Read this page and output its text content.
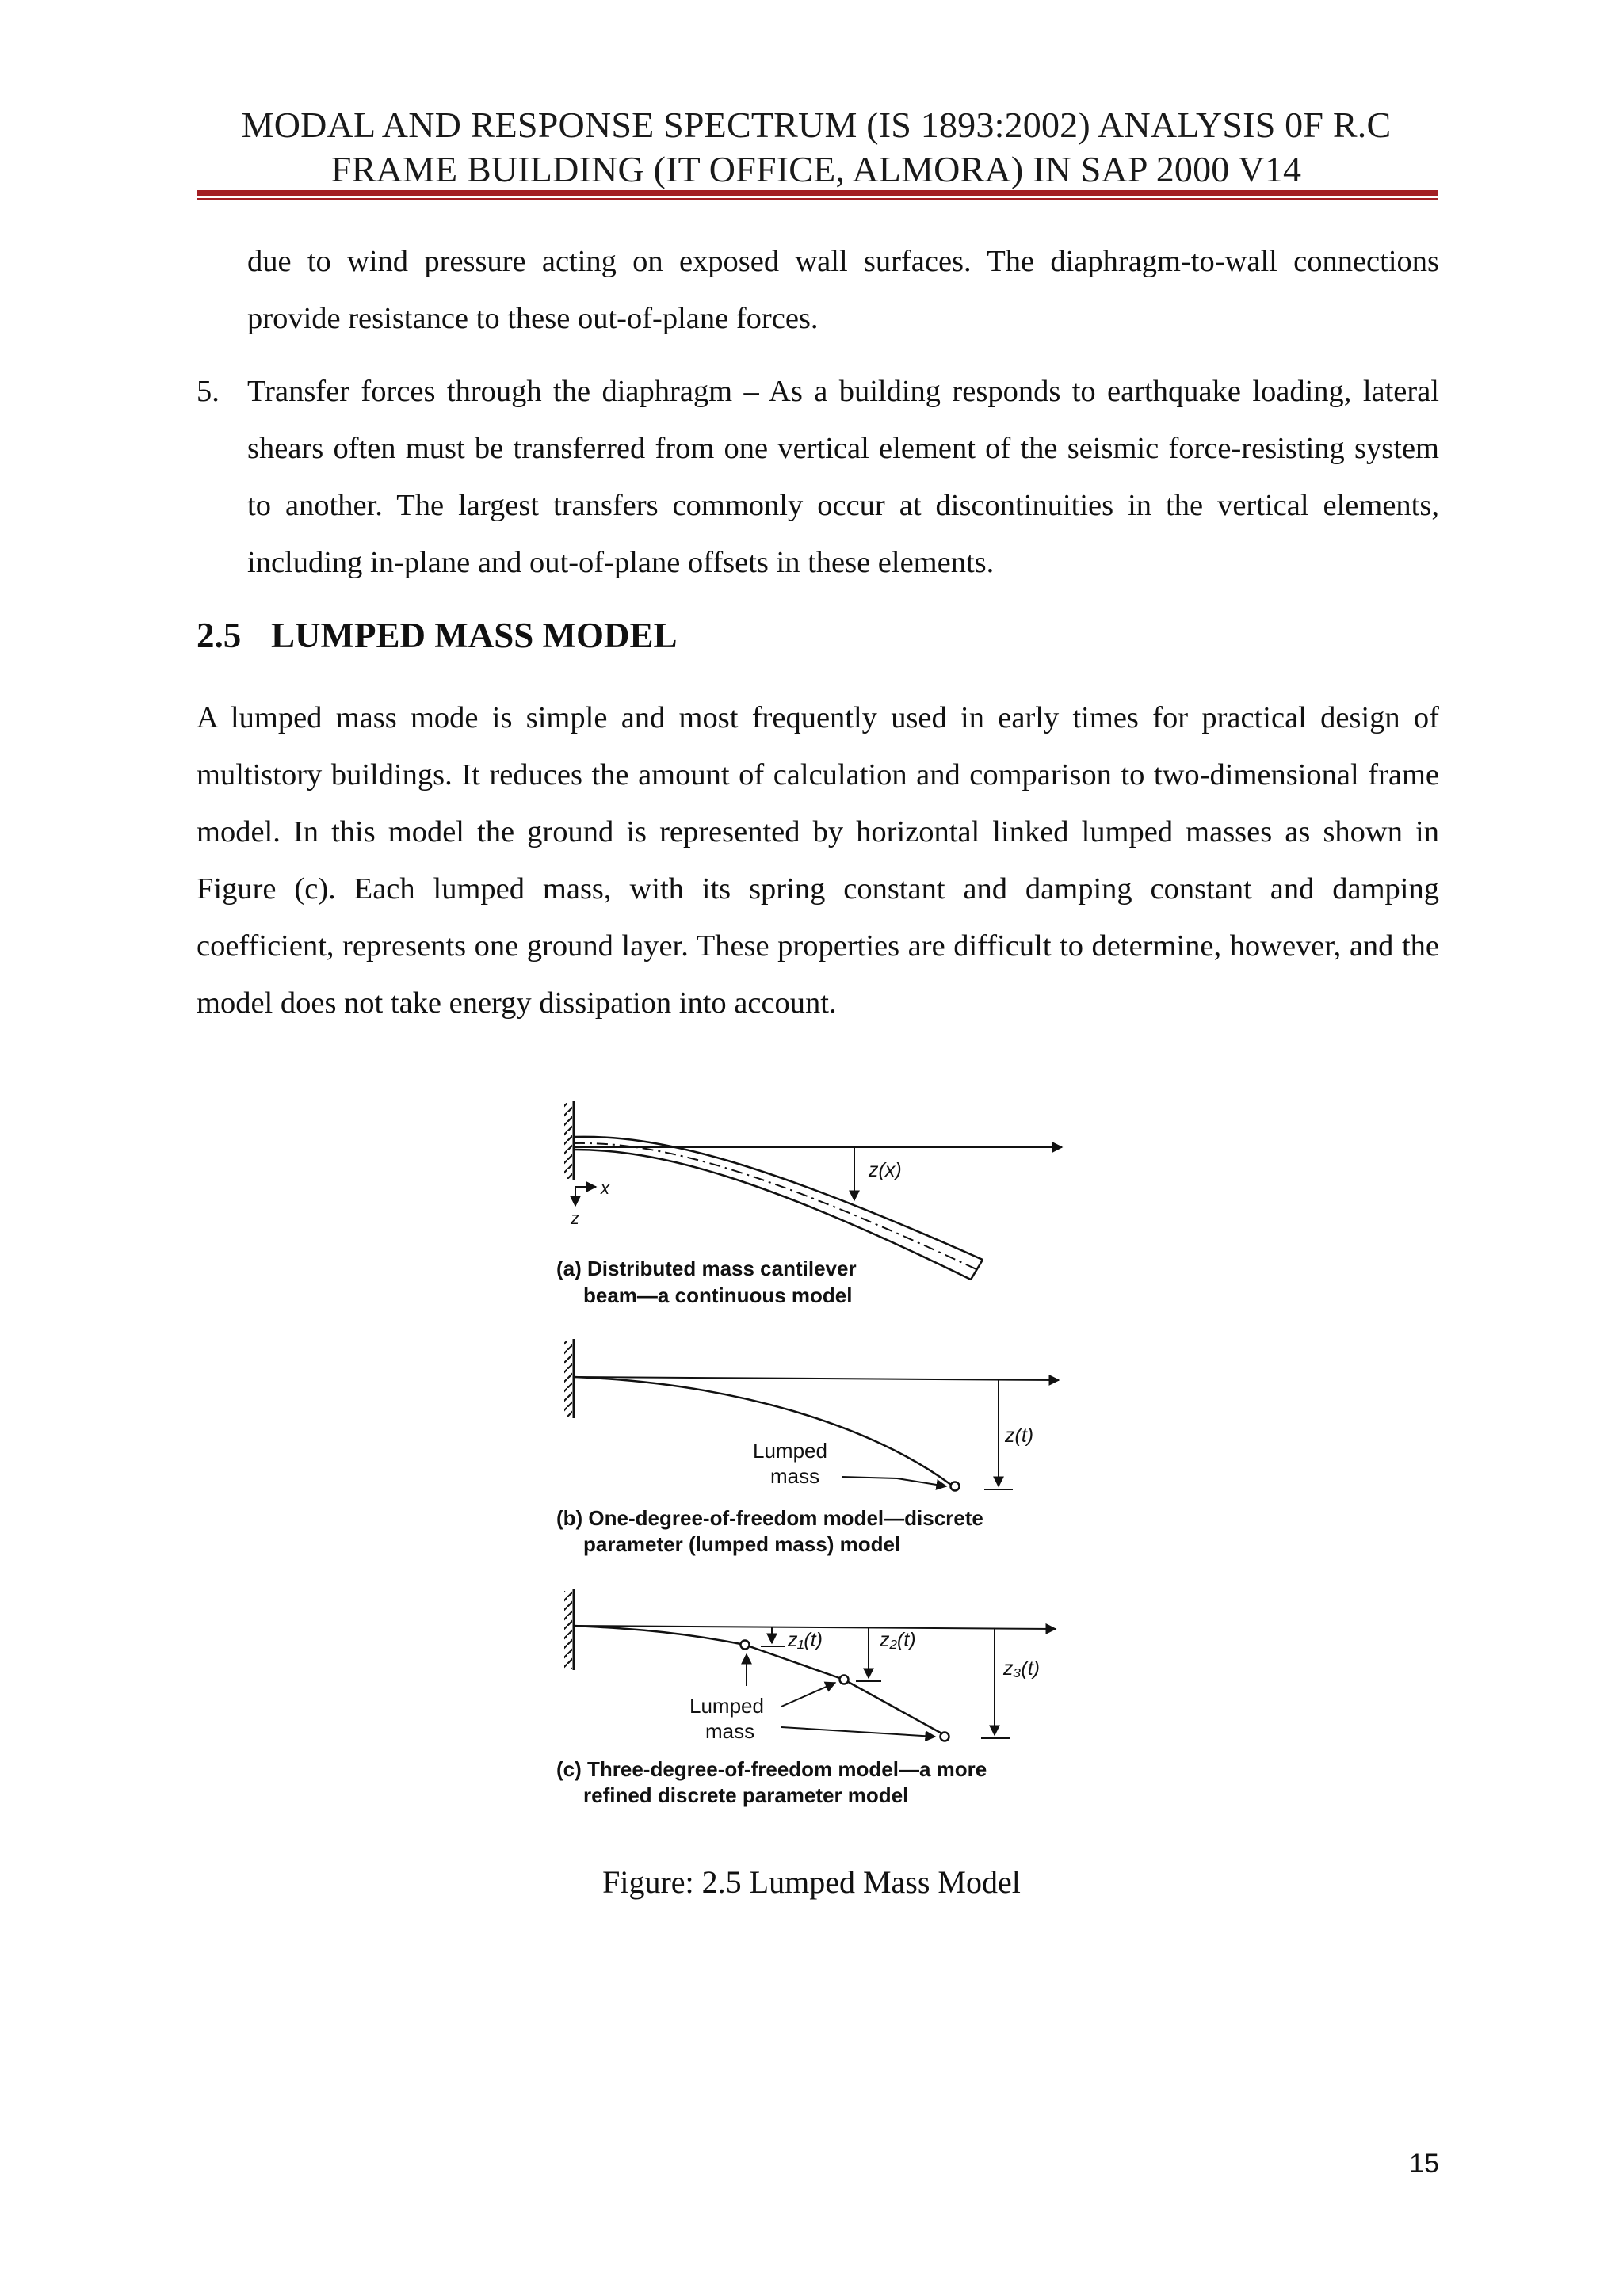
MODAL AND RESPONSE SPECTRUM (IS 1893:2002) ANALYSIS 0F R.C
FRAME BUILDING (IT OFFICE, ALMORA) IN SAP 2000 V14

due to wind pressure acting on exposed wall surfaces. The diaphragm-to-wall connections provide resistance to these out-of-plane forces.

5. Transfer forces through the diaphragm – As a building responds to earthquake loading, lateral shears often must be transferred from one vertical element of the seismic force-resisting system to another. The largest transfers commonly occur at discontinuities in the vertical elements, including in-plane and out-of-plane offsets in these elements.

2.5 LUMPED MASS MODEL

A lumped mass mode is simple and most frequently used in early times for practical design of multistory buildings. It reduces the amount of calculation and comparison to two-dimensional frame model. In this model the ground is represented by horizontal linked lumped masses as shown in Figure (c). Each lumped mass, with its spring constant and damping constant and damping coefficient, represents one ground layer. These properties are difficult to determine, however, and the model does not take energy dissipation into account.

z(x)
x
z
(a) Distributed mass cantilever
beam—a continuous model
z(t)
Lumped
mass
(b) One-degree-of-freedom model—discrete
parameter (lumped mass) model
z₁(t)	z₂(t)
z₃(t)
Lumped
mass
(c) Three-degree-of-freedom model—a more
refined discrete parameter model
Figure: 2.5 Lumped Mass Model
15
